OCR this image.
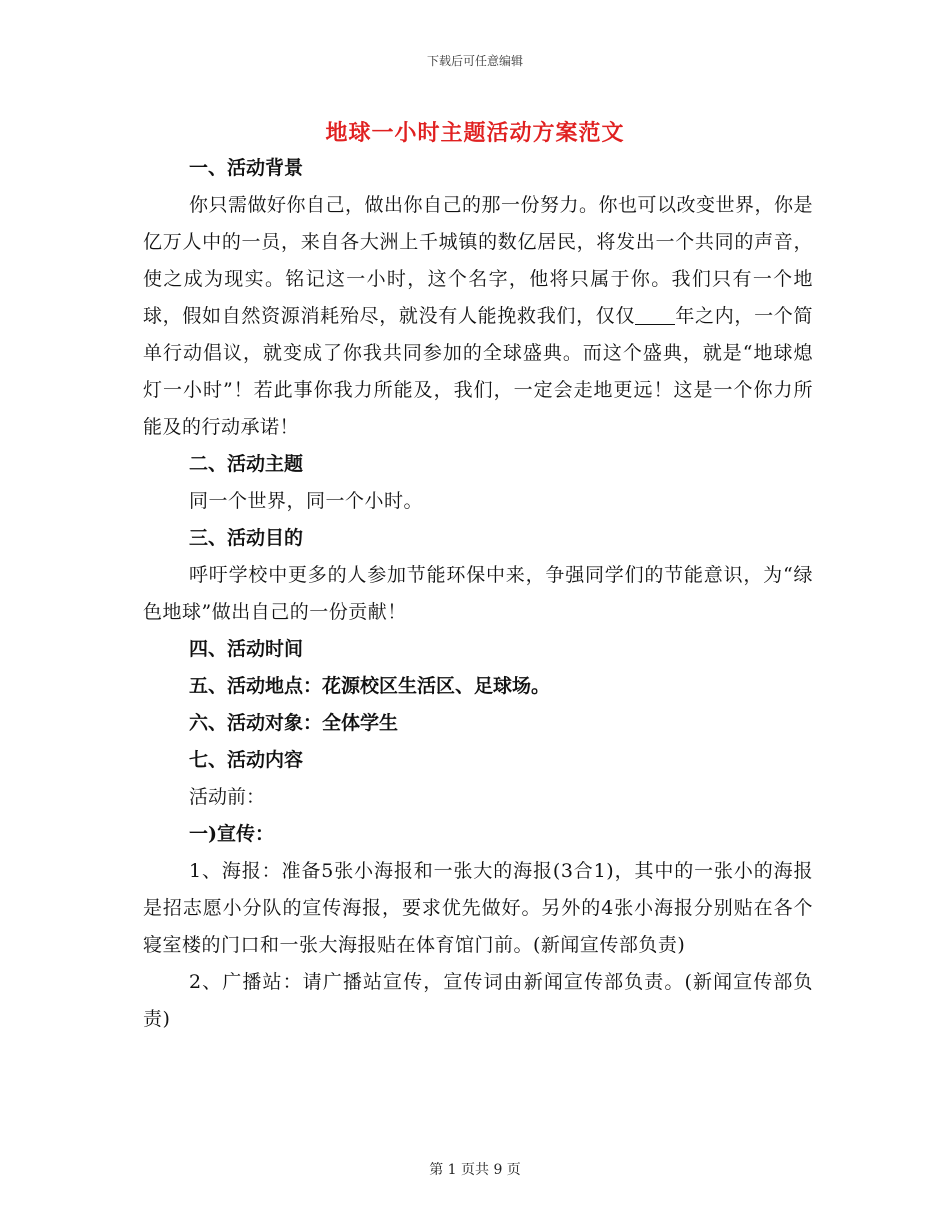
下载后可任意编辑
地球一小时主题活动方案范文
一、活动背景
你只需做好你自己，做出你自己的那一份努力。你也可以改变世界，你是亿万人中的一员，来自各大洲上千城镇的数亿居民，将发出一个共同的声音，使之成为现实。铭记这一小时，这个名字，他将只属于你。我们只有一个地球，假如自然资源消耗殆尽，就没有人能挽救我们，仅仅 年之内，一个简单行动倡议，就变成了你我共同参加的全球盛典。而这个盛典，就是“地球熄灯一小时”！若此事你我力所能及，我们，一定会走地更远！这是一个你力所能及的行动承诺！
二、活动主题
同一个世界，同一个小时。
三、活动目的
呼吁学校中更多的人参加节能环保中来，争强同学们的节能意识，为“绿色地球”做出自己的一份贡献！
四、活动时间
五、活动地点：花源校区生活区、足球场。
六、活动对象：全体学生
七、活动内容
活动前：
一)宣传：
1、海报：准备5张小海报和一张大的海报(3合1)，其中的一张小的海报是招志愿小分队的宣传海报，要求优先做好。另外的4张小海报分别贴在各个寝室楼的门口和一张大海报贴在体育馆门前。(新闻宣传部负责)
2、广播站：请广播站宣传，宣传词由新闻宣传部负责。(新闻宣传部负责)
第 1 页共 9 页
